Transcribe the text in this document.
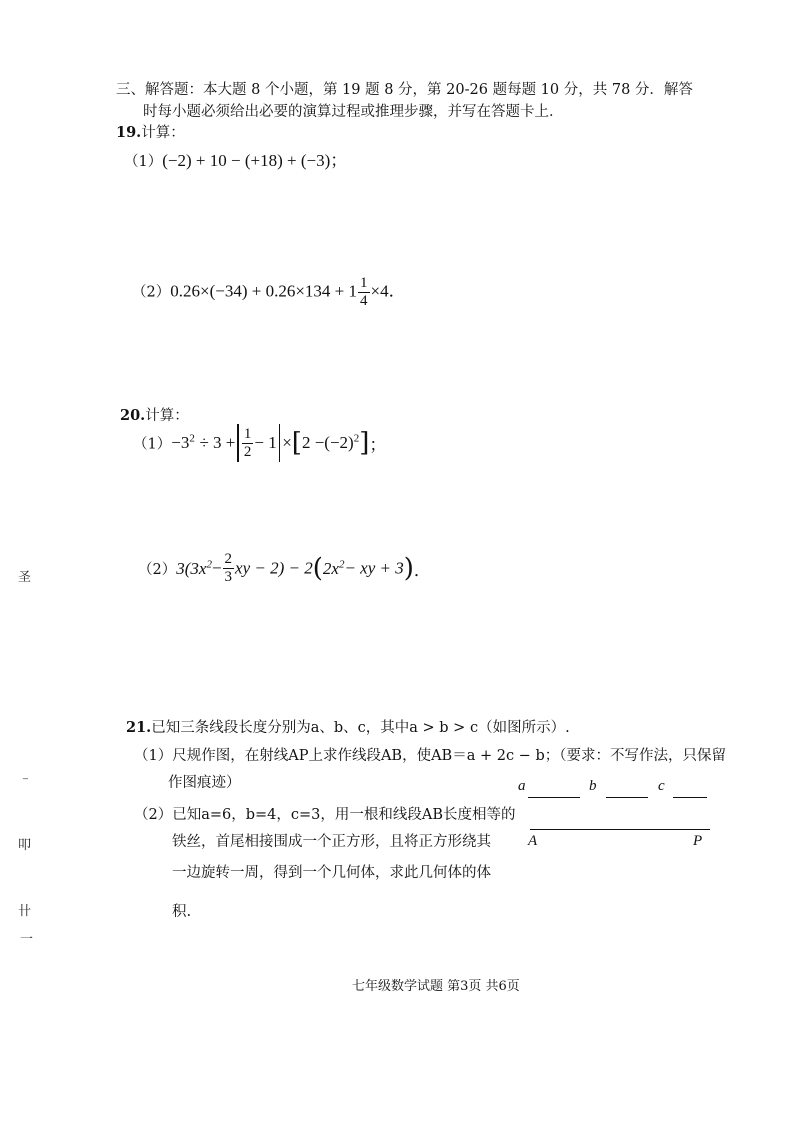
三、解答题：本大题 8 个小题，第 19 题 8 分，第 20-26 题每题 10 分，共 78 分．解答
时每小题必须给出必要的演算过程或推理步骤，并写在答题卡上．
19.计算：
（1）(−2) + 10 − (+18) + (−3)；
$(2)0.26\times(-34) + 0.26\times 134 + 1 \frac{1}{4} \times 4$．
20.计算：
$(1)-3^2 \div 3 + \frac{1}{2} - 1 \times[2 -(-2)^2]$；
$(2)3(3x^2- \frac{2}{3}$ xy − $2) - 2(2x^2-$ xy + 3)．
21.已知三条线段长度分别为a、b、c，其中a > b > c（如图所示）.
（1）尺规作图，在射线AP上求作线段AB，使AB＝a + 2c − b；（要求：不写作法，只保留
作图痕迹）
（2）已知a=6，b=4，c=3，用一根和线段AB长度相等的
铁丝，首尾相接围成一个正方形，且将正方形绕其
一边旋转一周，得到一个几何体，求此几何体的体
积.
a	b	c
A	P
七年级数学试题 第3页 共6页
圣
⁻
叩
卄
一
